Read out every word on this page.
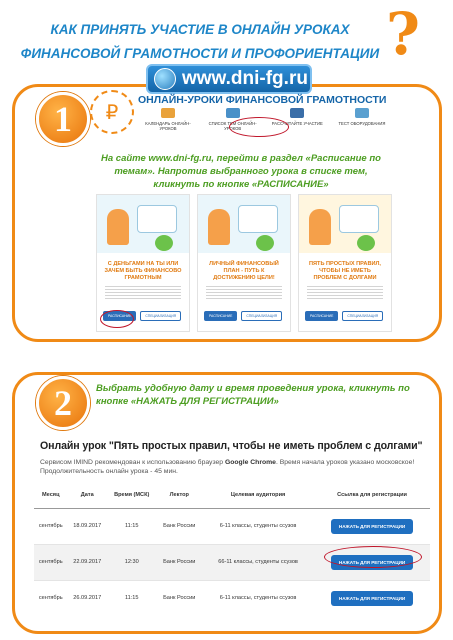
КАК ПРИНЯТЬ УЧАСТИЕ В ОНЛАЙН УРОКАХ ФИНАНСОВОЙ ГРАМОТНОСТИ И ПРОФОРИЕНТАЦИИ ?
www.dni-fg.ru
1	₽
ОНЛАЙН-УРОКИ ФИНАНСОВОЙ ГРАМОТНОСТИ
КАЛЕНДАРЬ ОНЛАЙН-УРОКОВ
СПИСОК ТЕМ ОНЛАЙН-УРОКОВ
РАССЧИТАЙТЕ УЧАСТИЕ	ТЕСТ ОБОРУДОВАНИЯ
На сайте www.dni-fg.ru, перейти в раздел «Расписание по темам». Напротив выбранного урока в списке тем, кликнуть по кнопке «РАСПИСАНИЕ»
С ДЕНЬГАМИ НА ТЫ ИЛИ ЗАЧЕМ БЫТЬ ФИНАНСОВО ГРАМОТНЫМ
РАСПИСАНИЕ	СПЕЦИАЛИЗАЦИЯ
ЛИЧНЫЙ ФИНАНСОВЫЙ ПЛАН - ПУТЬ К ДОСТИЖЕНИЮ ЦЕЛИ!
РАСПИСАНИЕ	СПЕЦИАЛИЗАЦИЯ
ПЯТЬ ПРОСТЫХ ПРАВИЛ, ЧТОБЫ НЕ ИМЕТЬ ПРОБЛЕМ С ДОЛГАМИ
РАСПИСАНИЕ	СПЕЦИАЛИЗАЦИЯ
2	Выбрать удобную дату и время проведения урока, кликнуть по кнопке «НАЖАТЬ ДЛЯ РЕГИСТРАЦИИ»
Онлайн урок "Пять простых правил, чтобы не иметь проблем с долгами"
Сервисом IMIND рекомендован к использованию браузер Google Chrome. Время начала уроков указано московское! Продолжительность онлайн урока - 45 мин.
Месяц	Дата	Время (МСК)	Лектор	Целевая аудитория	Ссылка для регистрации
сентябрь	18.09.2017	11:15	Банк России	6-11 классы, студенты ссузов	НАЖАТЬ ДЛЯ РЕГИСТРАЦИИ
сентябрь	22.09.2017	12:30	Банк России	66-11 классы, студенты ссузов	НАЖАТЬ ДЛЯ РЕГИСТРАЦИИ
сентябрь	26.09.2017	11:15	Банк России	6-11 классы, студенты ссузов	НАЖАТЬ ДЛЯ РЕГИСТРАЦИИ
